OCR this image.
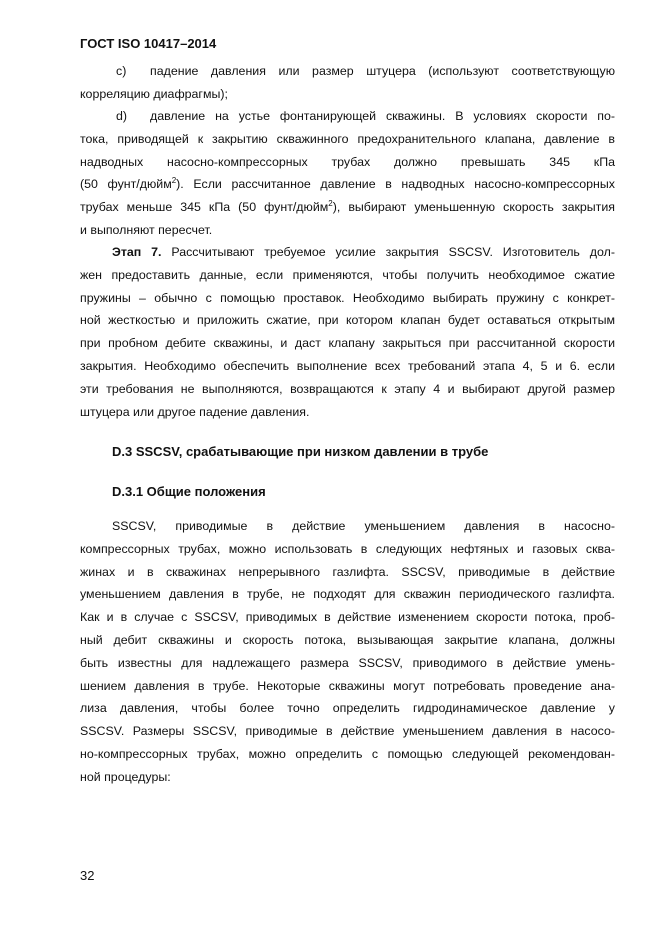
ГОСТ ISO 10417–2014
c)	падение давления или размер штуцера (используют соответствующую
корреляцию диафрагмы);
d)	давление на устье фонтанирующей скважины. В условиях скорости по-
тока, приводящей к закрытию скважинного предохранительного клапана, давление в
надводных насосно-компрессорных трубах должно превышать 345 кПа
(50 фунт/дюйм$^2$). Если рассчитанное давление в надводных насосно-компрессорных
трубах меньше 345 кПа (50 фунт/дюйм$^2$), выбирают уменьшенную скорость закрытия
и выполняют пересчет.
Этап 7. Рассчитывают требуемое усилие закрытия SSCSV. Изготовитель дол-
жен предоставить данные, если применяются, чтобы получить необходимое сжатие
пружины – обычно с помощью проставок. Необходимо выбирать пружину с конкрет-
ной жесткостью и приложить сжатие, при котором клапан будет оставаться открытым
при пробном дебите скважины, и даст клапану закрыться при рассчитанной скорости
закрытия. Необходимо обеспечить выполнение всех требований этапа 4, 5 и 6. если
эти требования не выполняются, возвращаются к этапу 4 и выбирают другой размер
штуцера или другое падение давления.
D.3 SSCSV, срабатывающие при низком давлении в трубе
D.3.1 Общие положения
SSCSV, приводимые в действие уменьшением давления в насосно-
компрессорных трубах, можно использовать в следующих нефтяных и газовых сква-
жинах и в скважинах непрерывного газлифта. SSCSV, приводимые в действие
уменьшением давления в трубе, не подходят для скважин периодического газлифта.
Как и в случае с SSCSV, приводимых в действие изменением скорости потока, проб-
ный дебит скважины и скорость потока, вызывающая закрытие клапана, должны
быть известны для надлежащего размера SSCSV, приводимого в действие умень-
шением давления в трубе. Некоторые скважины могут потребовать проведение ана-
лиза давления, чтобы более точно определить гидродинамическое давление у
SSCSV. Размеры SSCSV, приводимые в действие уменьшением давления в насосо-
но-компрессорных трубах, можно определить с помощью следующей рекомендован-
ной процедуры:
32
